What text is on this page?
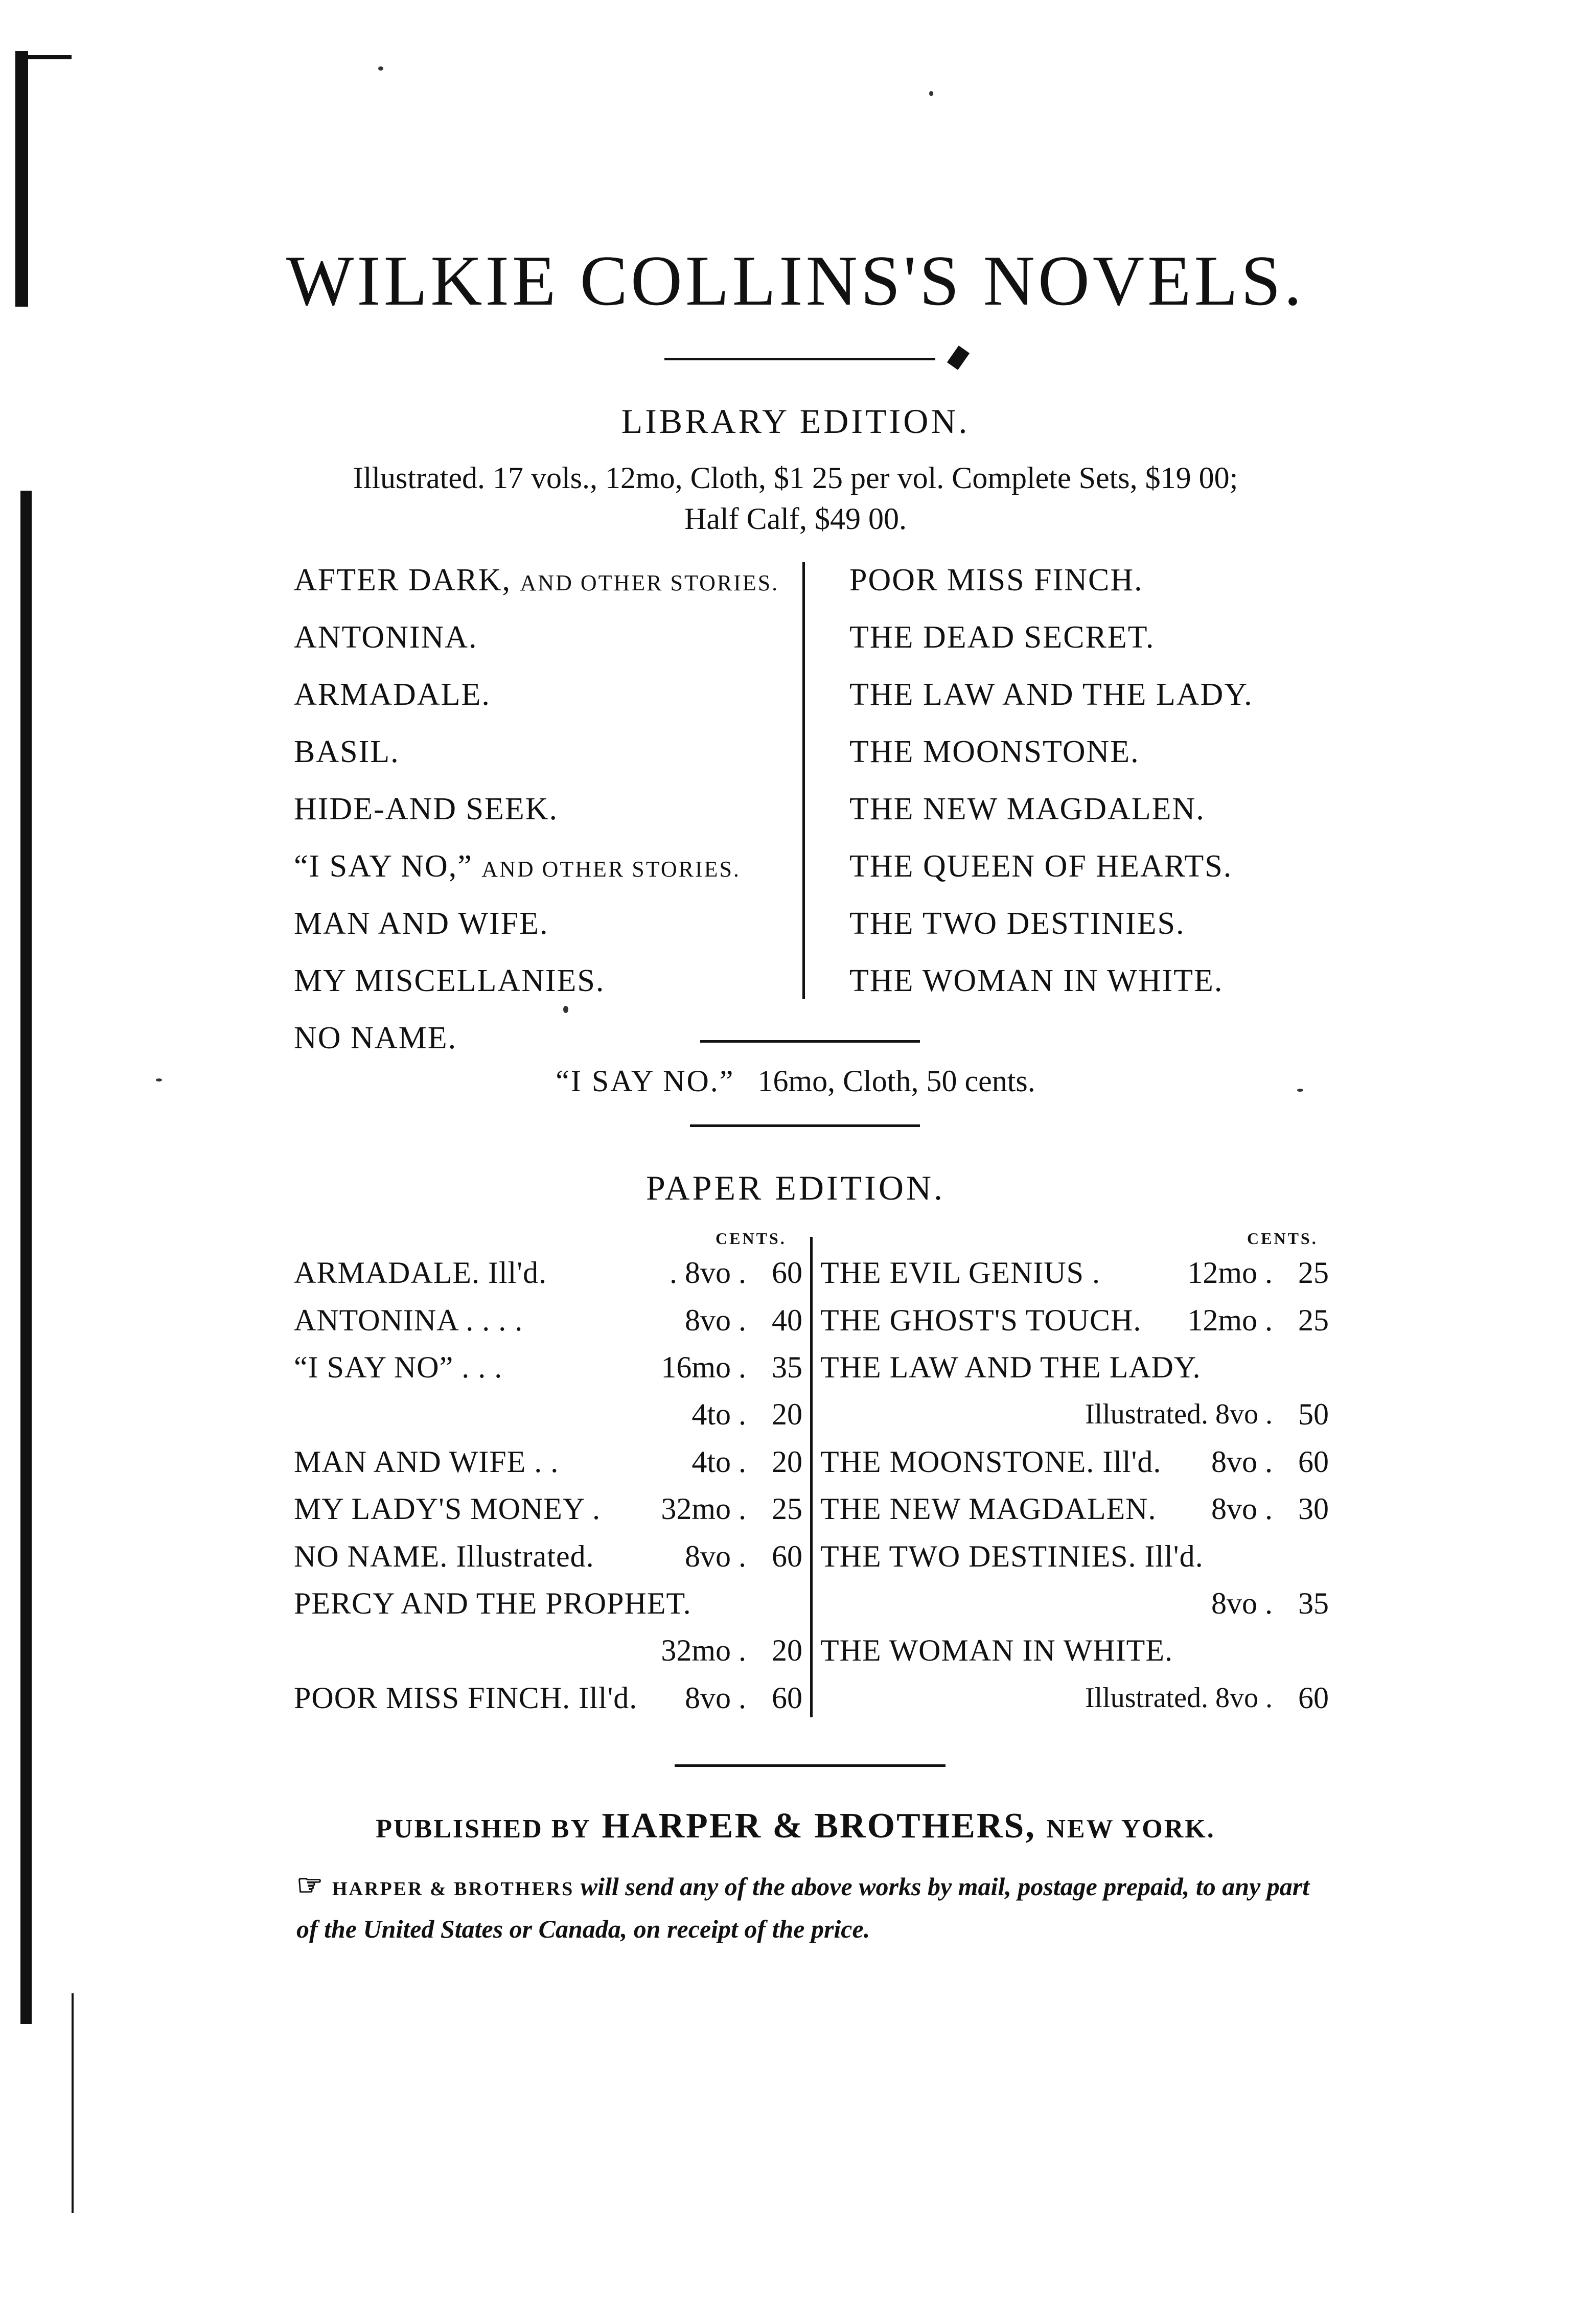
WILKIE COLLINS'S NOVELS.
LIBRARY EDITION.
Illustrated. 17 vols., 12mo, Cloth, $1 25 per vol. Complete Sets, $19 00;
Half Calf, $49 00.
AFTER DARK, AND OTHER STORIES.
ANTONINA.
ARMADALE.
BASIL.
HIDE-AND SEEK.
“I SAY NO,” AND OTHER STORIES.
MAN AND WIFE.
MY MISCELLANIES.
NO NAME.
POOR MISS FINCH.
THE DEAD SECRET.
THE LAW AND THE LADY.
THE MOONSTONE.
THE NEW MAGDALEN.
THE QUEEN OF HEARTS.
THE TWO DESTINIES.
THE WOMAN IN WHITE.
“I SAY NO.” 16mo, Cloth, 50 cents.
PAPER EDITION.
CENTS.	CENTS.
ARMADALE. Ill'd.	. 8vo . 60
ANTONINA . . . .	8vo . 40
“I SAY NO” . . .	16mo . 35
4to . 20
MAN AND WIFE . .	4to . 20
MY LADY'S MONEY . 32mo . 25
NO NAME. Illustrated.	8vo . 60
PERCY AND THE PROPHET.
32mo . 20
POOR MISS FINCH. Ill'd. 8vo . 60
THE EVIL GENIUS .	12mo . 25
THE GHOST'S TOUCH. 12mo . 25
THE LAW AND THE LADY.
Illustrated. 8vo . 50
THE MOONSTONE. Ill'd. 8vo . 60
THE NEW MAGDALEN. 8vo . 30
THE TWO DESTINIES. Ill'd.
8vo . 35
THE WOMAN IN WHITE.
Illustrated. 8vo . 60
PUBLISHED BY HARPER & BROTHERS, NEW YORK.
☞ HARPER & BROTHERS will send any of the above works by mail, postage prepaid, to any part of the United States or Canada, on receipt of the price.
